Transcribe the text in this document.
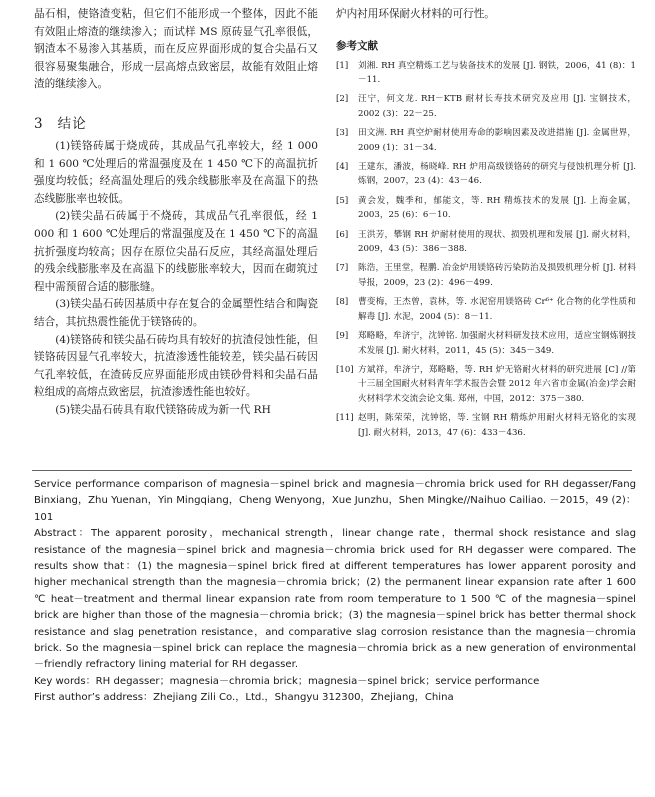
晶石相，使铬渣变粘，但它们不能形成一个整体，因此不能有效阻止熔渣的继续渗入；而试样 MS 原砖显气孔率很低，钢渣本不易渗入其基质，而在反应界面形成的复合尖晶石又很容易聚集融合，形成一层高熔点致密层，故能有效阻止熔渣的继续渗入。

3 结论

(1)镁铬砖属于烧成砖，其成品气孔率较大，经 1 000 和 1 600 ℃处理后的常温强度及在 1 450 ℃下的高温抗折强度均较低；经高温处理后的残余线膨胀率及在高温下的热态线膨胀率也较低。

(2)镁尖晶石砖属于不烧砖，其成品气孔率很低，经 1 000 和 1 600 ℃处理后的常温强度及在 1 450 ℃下的高温抗折强度均较高；因存在原位尖晶石反应，其经高温处理后的残余线膨胀率及在高温下的线膨胀率较大，因而在砌筑过程中需预留合适的膨胀缝。

(3)镁尖晶石砖因基质中存在复合的金属塑性结合和陶瓷结合，其抗热震性能优于镁铬砖的。

(4)镁铬砖和镁尖晶石砖均具有较好的抗渣侵蚀性能，但镁铬砖因显气孔率较大，抗渣渗透性能较差，镁尖晶石砖因气孔率较低，在渣砖反应界面能形成由镁砂骨料和尖晶石晶粒组成的高熔点致密层，抗渣渗透性能也较好。

(5)镁尖晶石砖具有取代镁铬砖成为新一代 RH

炉内衬用环保耐火材料的可行性。

参考文献
[1]	刘湘. RH 真空精炼工艺与装备技术的发展 [J]. 钢铁，2006，41 (8)：1－11.
[2]	汪宁，何文龙. RH－KTB 耐材长寿技术研究及应用 [J]. 宝钢技术，2002 (3)：22－25.
[3]	田文洲. RH 真空炉耐材使用寿命的影响因素及改进措施 [J]. 金属世界，2009 (1)：31－34.
[4]	王建东，潘波，杨晓峰. RH 炉用高级镁铬砖的研究与侵蚀机理分析 [J]. 炼钢，2007，23 (4)：43－46.
[5]	黄会发，魏季和，郁能文，等. RH 精炼技术的发展 [J]. 上海金属，2003，25 (6)：6－10.
[6]	王洪芳，攀钢 RH 炉耐材使用的现状、损毁机理和发展 [J]. 耐火材料，2009，43 (5)：386－388.
[7]	陈浩，王里堂，程鹏. 冶金炉用镁铬砖污染防治及损毁机理分析 [J]. 材料导报，2009，23 (2)：496－499.
[8]	曹变梅，王杰曾，袁林，等. 水泥窑用镁铬砖 Cr⁶⁺ 化合物的化学性质和解毒 [J]. 水泥，2004 (5)：8－11.
[9]	郑略略，牟济宁，沈钟铭. 加强耐火材料研发技术应用，适应宝钢炼钢技术发展 [J]. 耐火材料，2011，45 (5)：345－349.
[10] 方斌祥，牟济宁，郑略略，等. RH 炉无铬耐火材料的研究进展 [C] //第十三届全国耐火材料青年学术报告会暨 2012 年六省市金属(冶金)学会耐火材料学术交流会论文集. 郑州，中国，2012：375－380.
[11] 赵明，陈荣荣，沈钟铭，等. 宝钢 RH 精炼炉用耐火材料无铬化的实现 [J]. 耐火材料，2013，47 (6)：433－436.

Service performance comparison of magnesia－spinel brick and magnesia－chromia brick used for RH degasser/Fang Binxiang，Zhu Yuenan，Yin Mingqiang，Cheng Wenyong，Xue Junzhu，Shen Mingke//Naihuo Cailiao. －2015，49 (2)：101

Abstract：The apparent porosity，mechanical strength，linear change rate，thermal shock resistance and slag resistance of the magnesia－spinel brick and magnesia－chromia brick used for RH degasser were compared. The results show that：(1) the magnesia－spinel brick fired at different temperatures has lower apparent porosity and higher mechanical strength than the magnesia－chromia brick；(2) the permanent linear expansion rate after 1 600 ℃ heat－treatment and thermal linear expansion rate from room temperature to 1 500 ℃ of the magnesia－spinel brick are higher than those of the magnesia－chromia brick；(3) the magnesia－spinel brick has better thermal shock resistance and slag penetration resistance，and comparative slag corrosion resistance than the magnesia－chromia brick. So the magnesia－spinel brick can replace the magnesia－chromia brick as a new generation of environmental－friendly refractory lining material for RH degasser.

Key words：RH degasser；magnesia－chromia brick；magnesia－spinel brick；service performance

First author’s address：Zhejiang Zili Co.，Ltd.，Shangyu 312300，Zhejiang，China
